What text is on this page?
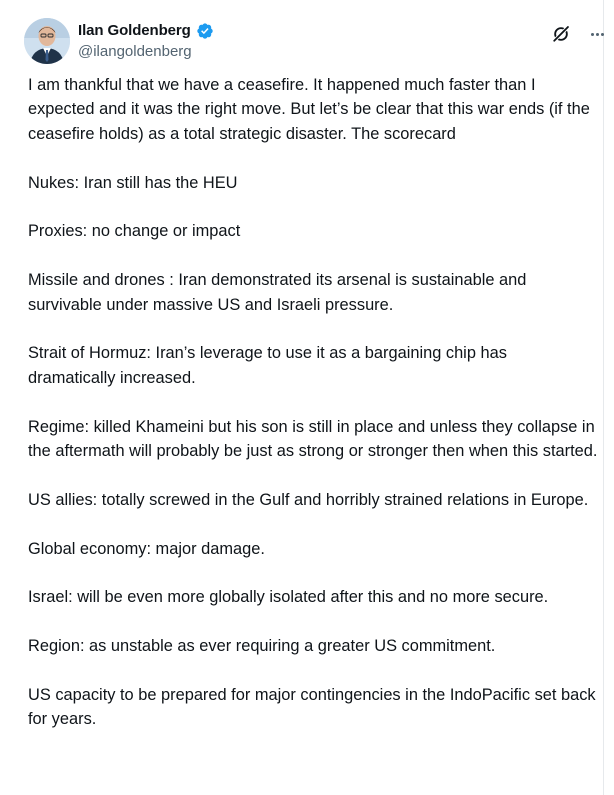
Ilan Goldenberg
@ilangoldenberg

I am thankful that we have a ceasefire. It happened much faster than I expected and it was the right move. But let’s be clear that this war ends (if the ceasefire holds) as a total strategic disaster. The scorecard

Nukes: Iran still has the HEU

Proxies: no change or impact

Missile and drones : Iran demonstrated its arsenal is sustainable and survivable under massive US and Israeli pressure.

Strait of Hormuz: Iran’s leverage to use it as a bargaining chip has dramatically increased.

Regime: killed Khameini but his son is still in place and unless they collapse in the aftermath will probably be just as strong or stronger then when this started.

US allies: totally screwed in the Gulf and horribly strained relations in Europe.

Global economy: major damage.

Israel: will be even more globally isolated after this and no more secure.

Region: as unstable as ever requiring a greater US commitment.

US capacity to be prepared for major contingencies in the IndoPacific set back for years.
